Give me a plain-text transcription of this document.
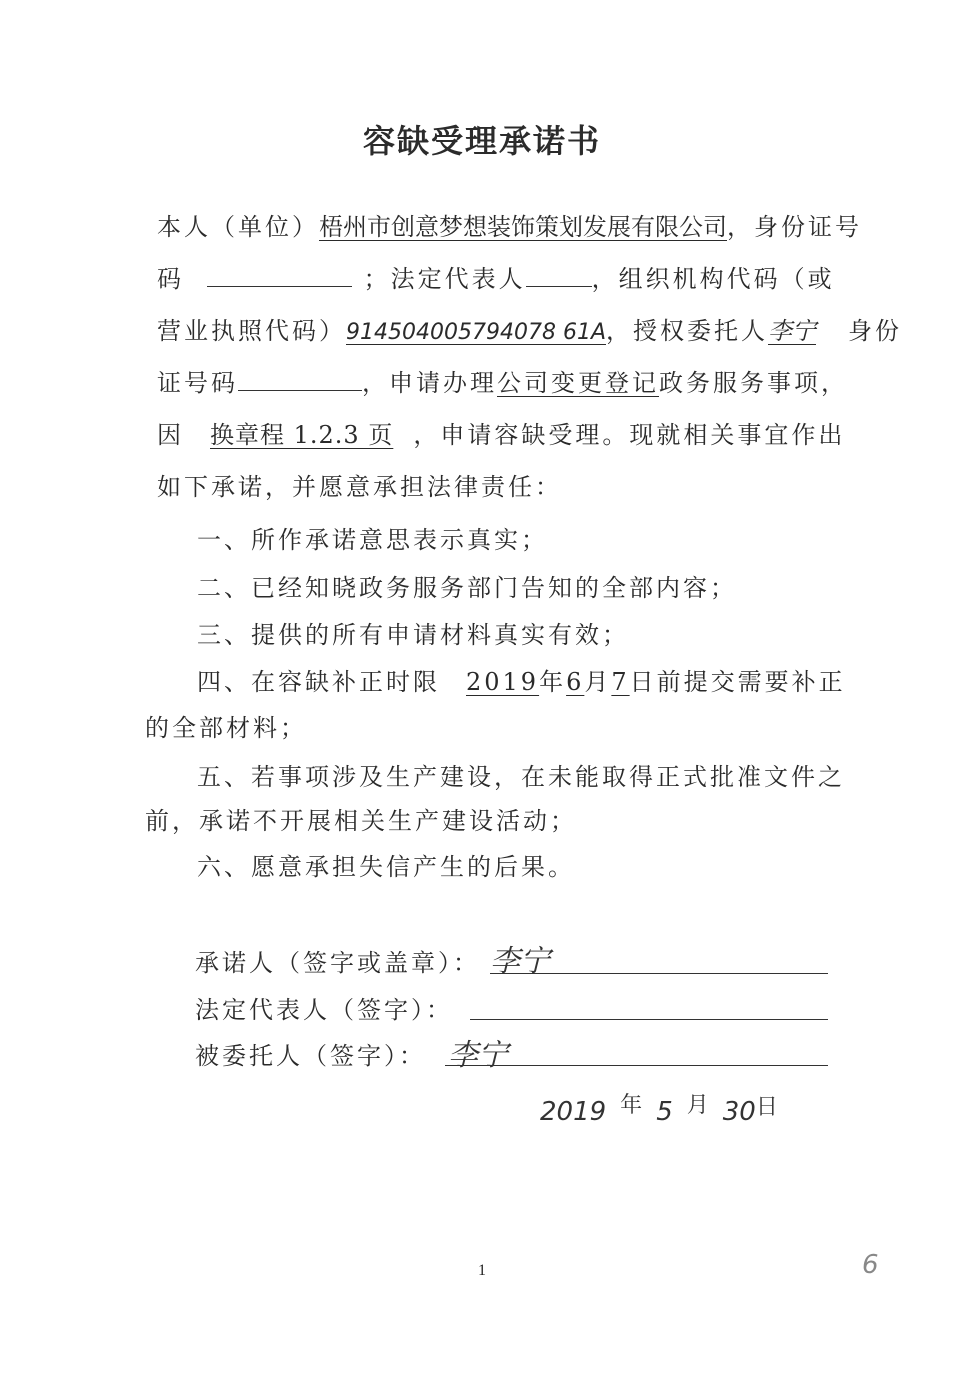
容缺受理承诺书
本人（单位）梧州市创意梦想装饰策划发展有限公司，身份证号
码	；法定代表人	，组织机构代码（或
营业执照代码）914504005794078 61A，授权委托人李宁 身份
证号码	，申请办理公司变更登记政务服务事项，
因 换章程 1.2.3 页 ，申请容缺受理。现就相关事宜作出
如下承诺，并愿意承担法律责任：
一、所作承诺意思表示真实；
二、已经知晓政务服务部门告知的全部内容；
三、提供的所有申请材料真实有效；
四、在容缺补正时限 2019年6月7日前提交需要补正
的全部材料；
五、若事项涉及生产建设，在未能取得正式批准文件之
前，承诺不开展相关生产建设活动；
六、愿意承担失信产生的后果。
承诺人（签字或盖章）： 李宁
法定代表人（签字）：
被委托人（签字）： 李宁
2019 $^年$ 5 $^月$ $30^日$
1	6
